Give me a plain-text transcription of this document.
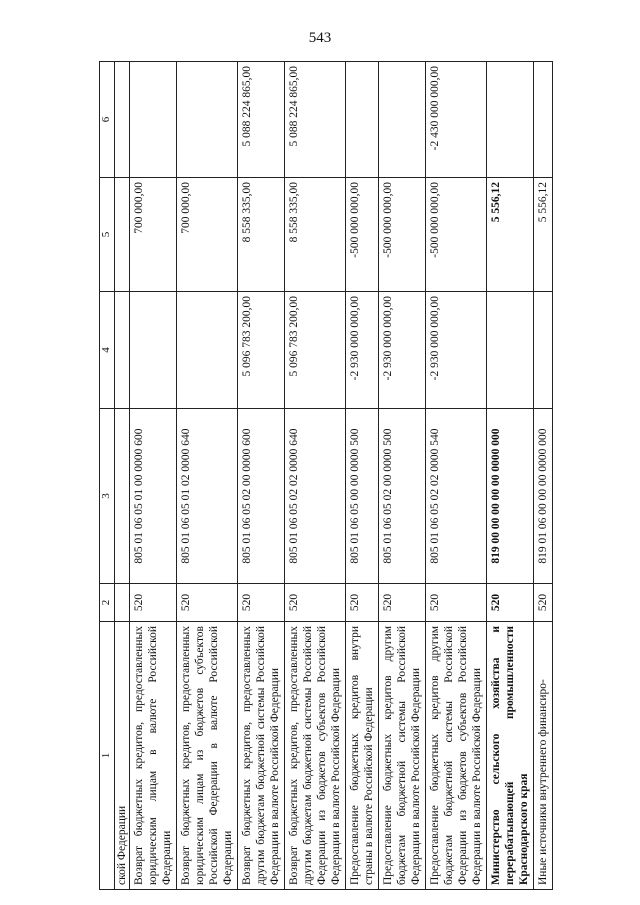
543
1	2	3	4	5	6
ской Федерации					
Возврат бюджетных кредитов, предоставленных юридическим лицам в валюте Российской Федерации	520	805 01 06 05 01 00 0000 600		700 000,00	
Возврат бюджетных кредитов, предоставленных юридическим лицам из бюджетов субъектов Российской Федерации в валюте Российской Федерации	520	805 01 06 05 01 02 0000 640		700 000,00	
Возврат бюджетных кредитов, предоставленных другим бюджетам бюджетной системы Российской Федерации в валюте Российской Федерации	520	805 01 06 05 02 00 0000 600	5 096 783 200,00	8 558 335,00	5 088 224 865,00
Возврат бюджетных кредитов, предоставленных другим бюджетам бюджетной системы Российской Федерации из бюджетов субъектов Российской Федерации в валюте Российской Федерации	520	805 01 06 05 02 02 0000 640	5 096 783 200,00	8 558 335,00	5 088 224 865,00
Предоставление бюджетных кредитов внутри страны в валюте Российской Федерации	520	805 01 06 05 00 00 0000 500	-2 930 000 000,00	-500 000 000,00	
Предоставление бюджетных кредитов другим бюджетам бюджетной системы Российской Федерации в валюте Российской Федерации	520	805 01 06 05 02 00 0000 500	-2 930 000 000,00	-500 000 000,00	
Предоставление бюджетных кредитов другим бюджетам бюджетной системы Российской Федерации из бюджетов субъектов Российской Федерации в валюте Российской Федерации	520	805 01 06 05 02 02 0000 540	-2 930 000 000,00	-500 000 000,00	-2 430 000 000,00
Министерство сельского хозяйства и перерабатывающей промышленности Краснодарского края	520	819 00 00 00 00 00 0000 000		5 556,12	
Иные источники внутреннего финансиро-	520	819 01 06 00 00 00 0000 000		5 556,12	
